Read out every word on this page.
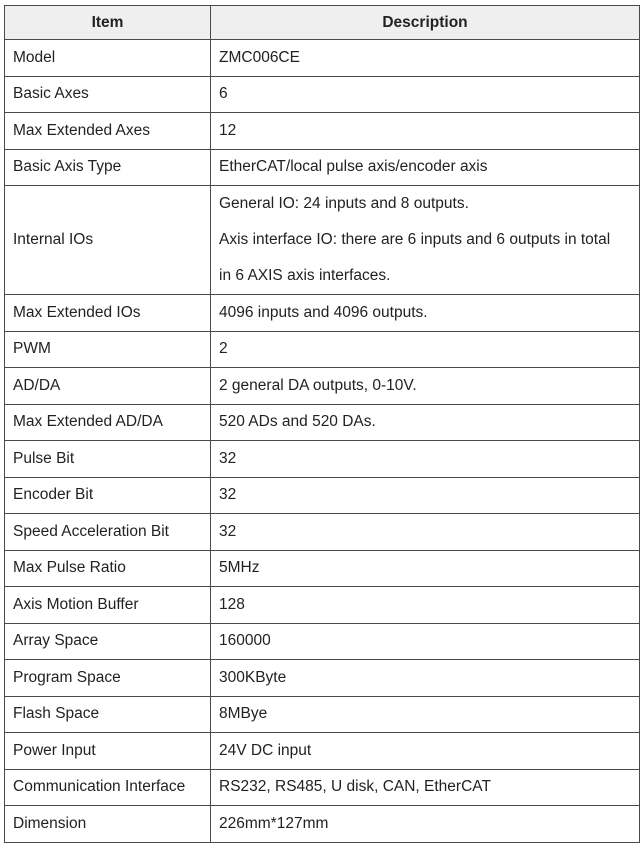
Item	Description
Model	ZMC006CE
Basic Axes	6
Max Extended Axes	12
Basic Axis Type	EtherCAT/local pulse axis/encoder axis
Internal IOs	General IO: 24 inputs and 8 outputs.
Axis interface IO: there are 6 inputs and 6 outputs in total
in 6 AXIS axis interfaces.

Max Extended IOs	4096 inputs and 4096 outputs.
PWM	2
AD/DA	2 general DA outputs, 0-10V.
Max Extended AD/DA	520 ADs and 520 DAs.
Pulse Bit	32
Encoder Bit	32
Speed Acceleration Bit	32
Max Pulse Ratio	5MHz
Axis Motion Buffer	128
Array Space	160000
Program Space	300KByte
Flash Space	8MBye
Power Input	24V DC input
Communication Interface	RS232, RS485, U disk, CAN, EtherCAT
Dimension	226mm*127mm
